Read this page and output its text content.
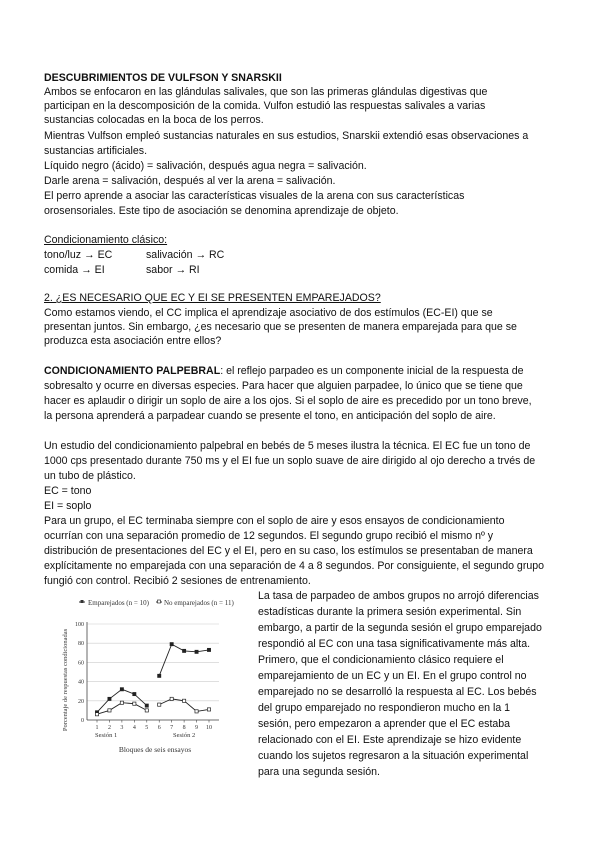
DESCUBRIMIENTOS DE VULFSON Y SNARSKII
Ambos se enfocaron en las glándulas salivales, que son las primeras glándulas digestivas que
participan en la descomposición de la comida. Vulfon estudió las respuestas salivales a varias
sustancias colocadas en la boca de los perros.
Mientras Vulfson empleó sustancias naturales en sus estudios, Snarskii extendió esas observaciones a
sustancias artificiales.
Líquido negro (ácido) = salivación, después agua negra = salivación.
Darle arena = salivación, después al ver la arena = salivación.
El perro aprende a asociar las características visuales de la arena con sus características
orosensoriales. Este tipo de asociación se denomina aprendizaje de objeto.
Condicionamiento clásico:
tono/luz → EC	salivación → RC
comida → EI	sabor → RI
2. ¿ES NECESARIO QUE EC Y EI SE PRESENTEN EMPAREJADOS?
Como estamos viendo, el CC implica el aprendizaje asociativo de dos estímulos (EC-EI) que se
presentan juntos. Sin embargo, ¿es necesario que se presenten de manera emparejada para que se
produzca esta asociación entre ellos?
CONDICIONAMIENTO PALPEBRAL: el reflejo parpadeo es un componente inicial de la respuesta de
sobresalto y ocurre en diversas especies. Para hacer que alguien parpadee, lo único que se tiene que
hacer es aplaudir o dirigir un soplo de aire a los ojos. Si el soplo de aire es precedido por un tono breve,
la persona aprenderá a parpadear cuando se presente el tono, en anticipación del soplo de aire.
Un estudio del condicionamiento palpebral en bebés de 5 meses ilustra la técnica. El EC fue un tono de
1000 cps presentado durante 750 ms y el EI fue un soplo suave de aire dirigido al ojo derecho a trvés de
un tubo de plástico.
EC = tono
EI = soplo
Para un grupo, el EC terminaba siempre con el soplo de aire y esos ensayos de condicionamiento
ocurrían con una separación promedio de 12 segundos. El segundo grupo recibió el mismo nº y
distribución de presentaciones del EC y el EI, pero en su caso, los estímulos se presentaban de manera
explícitamente no emparejada con una separación de 4 a 8 segundos. Por consiguiente, el segundo grupo
fungió con control. Recibió 2 sesiones de entrenamiento.
La tasa de parpadeo de ambos grupos no arrojó diferencias
estadísticas durante la primera sesión experimental. Sin
embargo, a partir de la segunda sesión el grupo emparejado
respondió al EC con una tasa significativamente más alta.
Primero, que el condicionamiento clásico requiere el
emparejamiento de un EC y un EI. En el grupo control no
emparejado no se desarrolló la respuesta al EC. Los bebés
del grupo emparejado no respondieron mucho en la 1
sesión, pero empezaron a aprender que el EC estaba
relacionado con el EI. Este aprendizaje se hizo evidente
cuando los sujetos regresaron a la situación experimental
para una segunda sesión.
Emparejados (n = 10) No emparejados (n = 11)
Porcentaje de respuestas condicionadas
Bloques de seis ensayos
0
20
40
60
80
100
1 2 3 4 5 6 7 8 9 10
Sesión 1	Sesión 2
